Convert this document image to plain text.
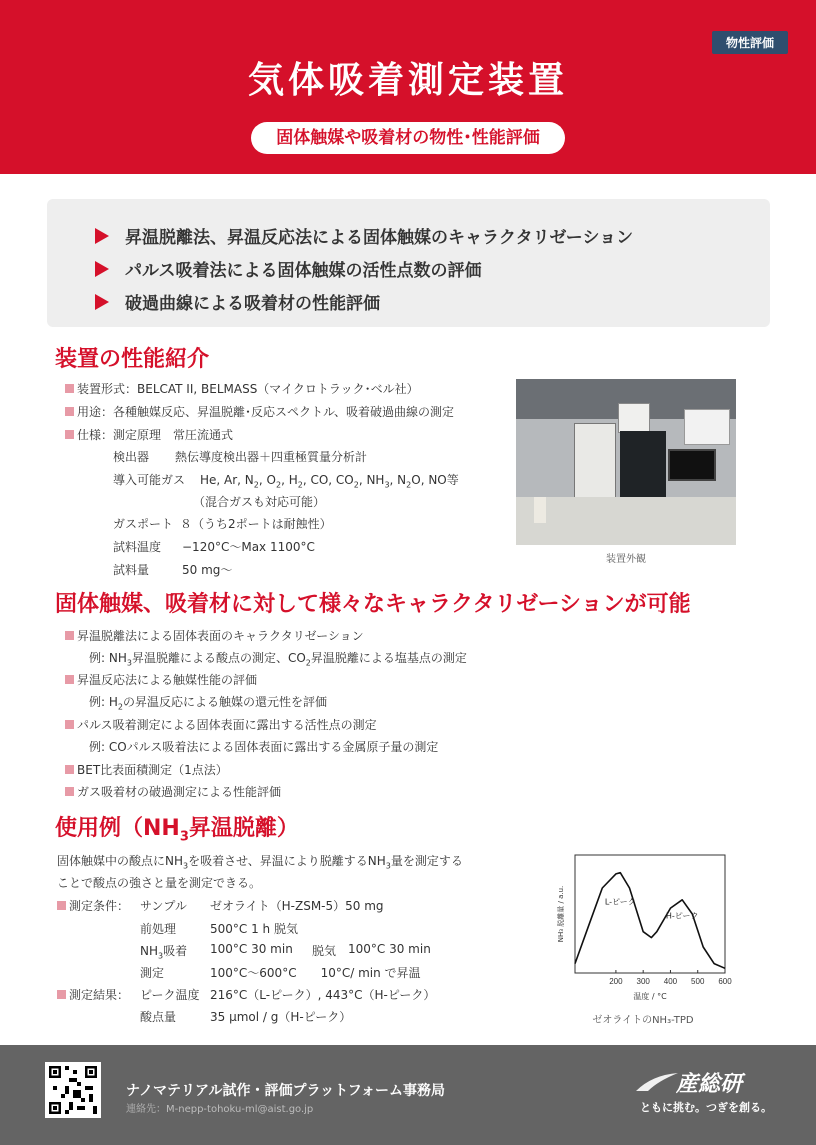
物性評価
気体吸着測定装置
固体触媒や吸着材の物性･性能評価
昇温脱離法、昇温反応法による固体触媒のキャラクタリゼーション
パルス吸着法による固体触媒の活性点数の評価
破過曲線による吸着材の性能評価
装置の性能紹介
装置形式：BELCAT II, BELMASS（マイクロトラック･ベル社）
用途：各種触媒反応、昇温脱離･反応スペクトル、吸着破過曲線の測定
仕様：測定原理　常圧流通式
検出器 熱伝導度検出器＋四重極質量分析計
導入可能ガス He, Ar, $N_2$, $O_2$, $H_2$, CO, $CO_2$, $NH_3$, $N_2O$, NO等
（混合ガスも対応可能）
ガスポート ８（うち2ポートは耐蝕性）
試料温度 −120°C～Max 1100°C
試料量	50 mg～
装置外観
固体触媒、吸着材に対して様々なキャラクタリゼーションが可能
昇温脱離法による固体表面のキャラクタリゼーション
例: $NH_3$昇温脱離による酸点の測定、$CO_2$昇温脱離による塩基点の測定
昇温反応法による触媒性能の評価
例: $H_2$の昇温反応による触媒の還元性を評価
パルス吸着測定による固体表面に露出する活性点の測定
例: COパルス吸着法による固体表面に露出する金属原子量の測定
BET比表面積測定（1点法）
ガス吸着材の破過測定による性能評価
使用例（$NH_3$昇温脱離）
固体触媒中の酸点に$NH_3$を吸着させ、昇温により脱離する$NH_3$量を測定する
ことで酸点の強さと量を測定できる。
測定条件： サンプル ゼオライト（H-ZSM-5）50 mg
前処理	500°C 1 h 脱気
$NH_3$吸着 100°C 30 min 脱気 100°C 30 min
測定	100°C～600°C　　10°C/ min で昇温
測定結果： ピーク温度 216°C（L-ピーク）, 443°C（H-ピーク）
酸点量	35 μmol / g（H-ピーク）
200 300 400 500 600
温度 / °C
NH₃ 脱離量 / a.u.	L-ピーク
H-ピーク
ゼオライトのNH₃-TPD
ナノマテリアル試作・評価プラットフォーム事務局
連絡先：M-nepp-tohoku-ml@aist.go.jp
産総研
ともに挑む。つぎを創る。
